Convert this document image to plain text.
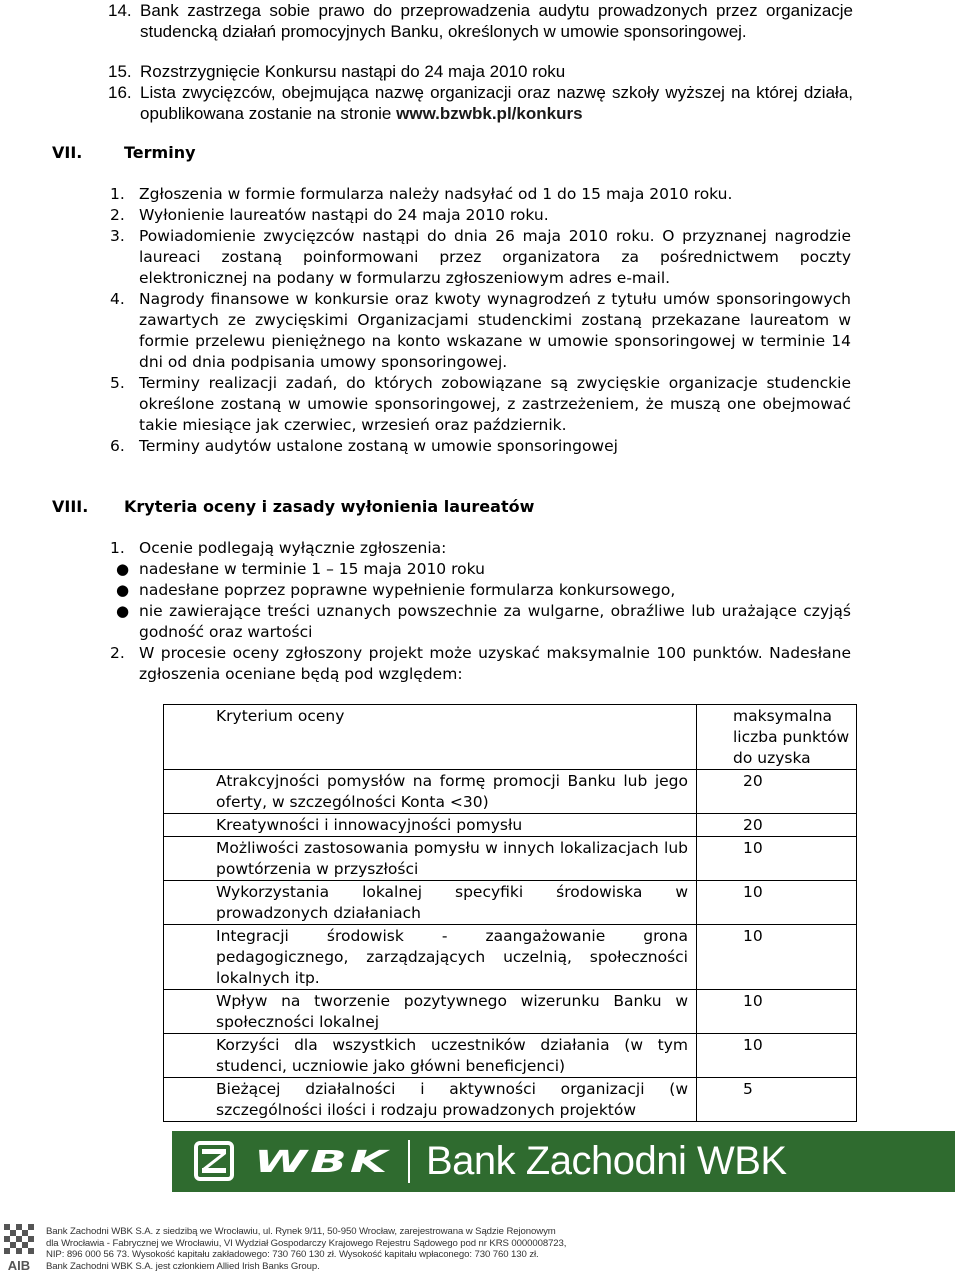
14. Bank zastrzega sobie prawo do przeprowadzenia audytu prowadzonych przez organizacje studencką działań promocyjnych Banku, określonych w umowie sponsoringowej.
15. Rozstrzygnięcie Konkursu nastąpi do 24 maja 2010 roku
16. Lista zwycięzców, obejmująca nazwę organizacji oraz nazwę szkoły wyższej na której działa, opublikowana zostanie na stronie www.bzwbk.pl/konkurs
VII.	Terminy
1. Zgłoszenia w formie formularza należy nadsyłać od 1 do 15 maja 2010 roku.
2. Wyłonienie laureatów nastąpi do 24 maja 2010 roku.
3. Powiadomienie zwycięzców nastąpi do dnia 26 maja 2010 roku. O przyznanej nagrodzie laureaci zostaną poinformowani przez organizatora za pośrednictwem poczty elektronicznej na podany w formularzu zgłoszeniowym adres e-mail.
4. Nagrody finansowe w konkursie oraz kwoty wynagrodzeń z tytułu umów sponsoringowych zawartych ze zwycięskimi Organizacjami studenckimi zostaną przekazane laureatom w formie przelewu pieniężnego na konto wskazane w umowie sponsoringowej w terminie 14 dni od dnia podpisania umowy sponsoringowej.
5. Terminy realizacji zadań, do których zobowiązane są zwycięskie organizacje studenckie określone zostaną w umowie sponsoringowej, z zastrzeżeniem, że muszą one obejmować takie miesiące jak czerwiec, wrzesień oraz październik.
6. Terminy audytów ustalone zostaną w umowie sponsoringowej
VIII. Kryteria oceny i zasady wyłonienia laureatów
1. Ocenie podlegają wyłącznie zgłoszenia:
● nadesłane w terminie 1 – 15 maja 2010 roku
● nadesłane poprzez poprawne wypełnienie formularza konkursowego,
● nie zawierające treści uznanych powszechnie za wulgarne, obraźliwe lub urażające czyjąś godność oraz wartości
2. W procesie oceny zgłoszony projekt może uzyskać maksymalnie 100 punktów. Nadesłane zgłoszenia oceniane będą pod względem:
Kryterium oceny	maksymalna liczba punktów do uzyska
Atrakcyjności pomysłów na formę promocji Banku lub jego oferty, w szczególności Konta <30)	20
Kreatywności i innowacyjności pomysłu	20
Możliwości zastosowania pomysłu w innych lokalizacjach lub powtórzenia w przyszłości	10
Wykorzystania lokalnej specyfiki środowiska w prowadzonych działaniach	10
Integracji środowisk - zaangażowanie grona pedagogicznego, zarządzających uczelnią, społeczności lokalnych itp.	10
Wpływ na tworzenie pozytywnego wizerunku Banku w społeczności lokalnej	10
Korzyści dla wszystkich uczestników działania (w tym studenci, uczniowie jako główni beneficjenci)	10
Bieżącej działalności i aktywności organizacji (w szczególności ilości i rodzaju prowadzonych projektów	5
WBK Bank Zachodni WBK
AIB
Bank Zachodni WBK S.A. z siedzibą we Wrocławiu, ul. Rynek 9/11, 50-950 Wrocław, zarejestrowana w Sądzie Rejonowym
dla Wrocławia - Fabrycznej we Wrocławiu, VI Wydział Gospodarczy Krajowego Rejestru Sądowego pod nr KRS 0000008723,
NIP: 896 000 56 73. Wysokość kapitału zakładowego: 730 760 130 zł. Wysokość kapitału wpłaconego: 730 760 130 zł.
Bank Zachodni WBK S.A. jest członkiem Allied Irish Banks Group.
